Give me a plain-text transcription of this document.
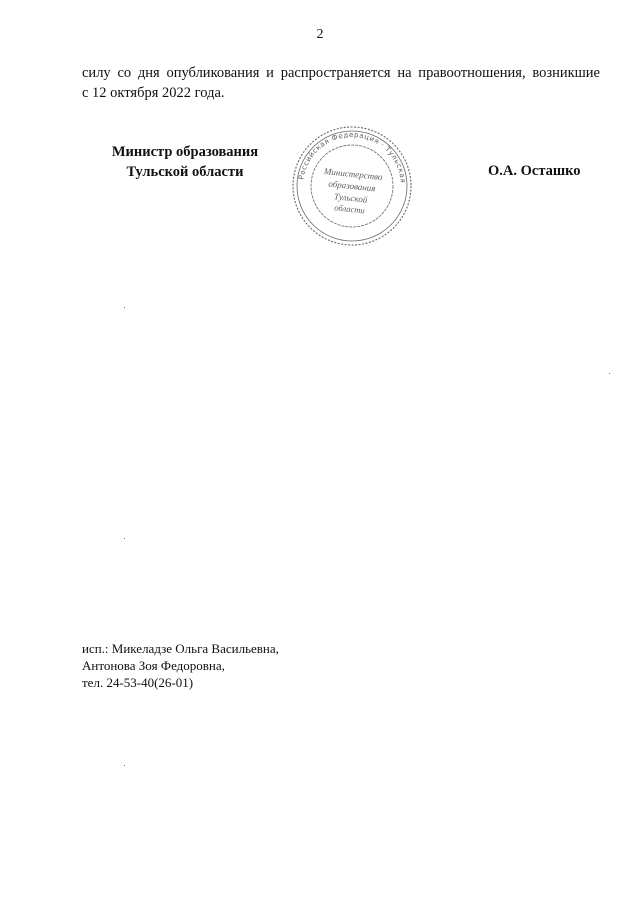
2
силу со дня опубликования и распространяется на правоотношения, возникшие
с 12 октября 2022 года.
Министр образования
Тульской области	Российская Федерация · Тульская
Министерство
образования
Тульской
области
О.А. Осташко
исп.: Микеладзе Ольга Васильевна,
Антонова Зоя Федоровна,
тел. 24-53-40(26-01)
